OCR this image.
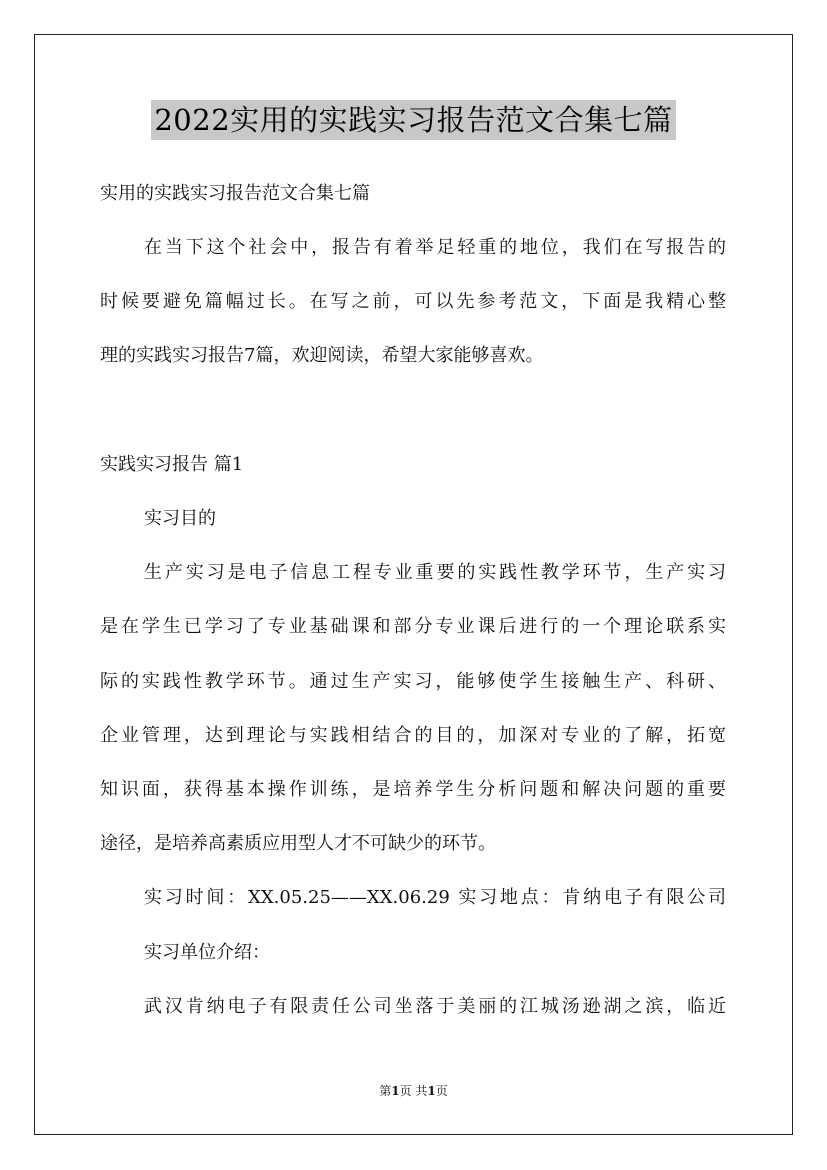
2022实用的实践实习报告范文合集七篇
实用的实践实习报告范文合集七篇
在当下这个社会中，报告有着举足轻重的地位，我们在写报告的
时候要避免篇幅过长。在写之前，可以先参考范文，下面是我精心整
理的实践实习报告7篇，欢迎阅读，希望大家能够喜欢。
实践实习报告 篇1
实习目的
生产实习是电子信息工程专业重要的实践性教学环节，生产实习
是在学生已学习了专业基础课和部分专业课后进行的一个理论联系实
际的实践性教学环节。通过生产实习，能够使学生接触生产、科研、
企业管理，达到理论与实践相结合的目的，加深对专业的了解，拓宽
知识面，获得基本操作训练，是培养学生分析问题和解决问题的重要
途径，是培养高素质应用型人才不可缺少的环节。
实习时间：XX.05.25——XX.06.29 实习地点：肯纳电子有限公司
实习单位介绍：
武汉肯纳电子有限责任公司坐落于美丽的江城汤逊湖之滨，临近
第1页 共1页
